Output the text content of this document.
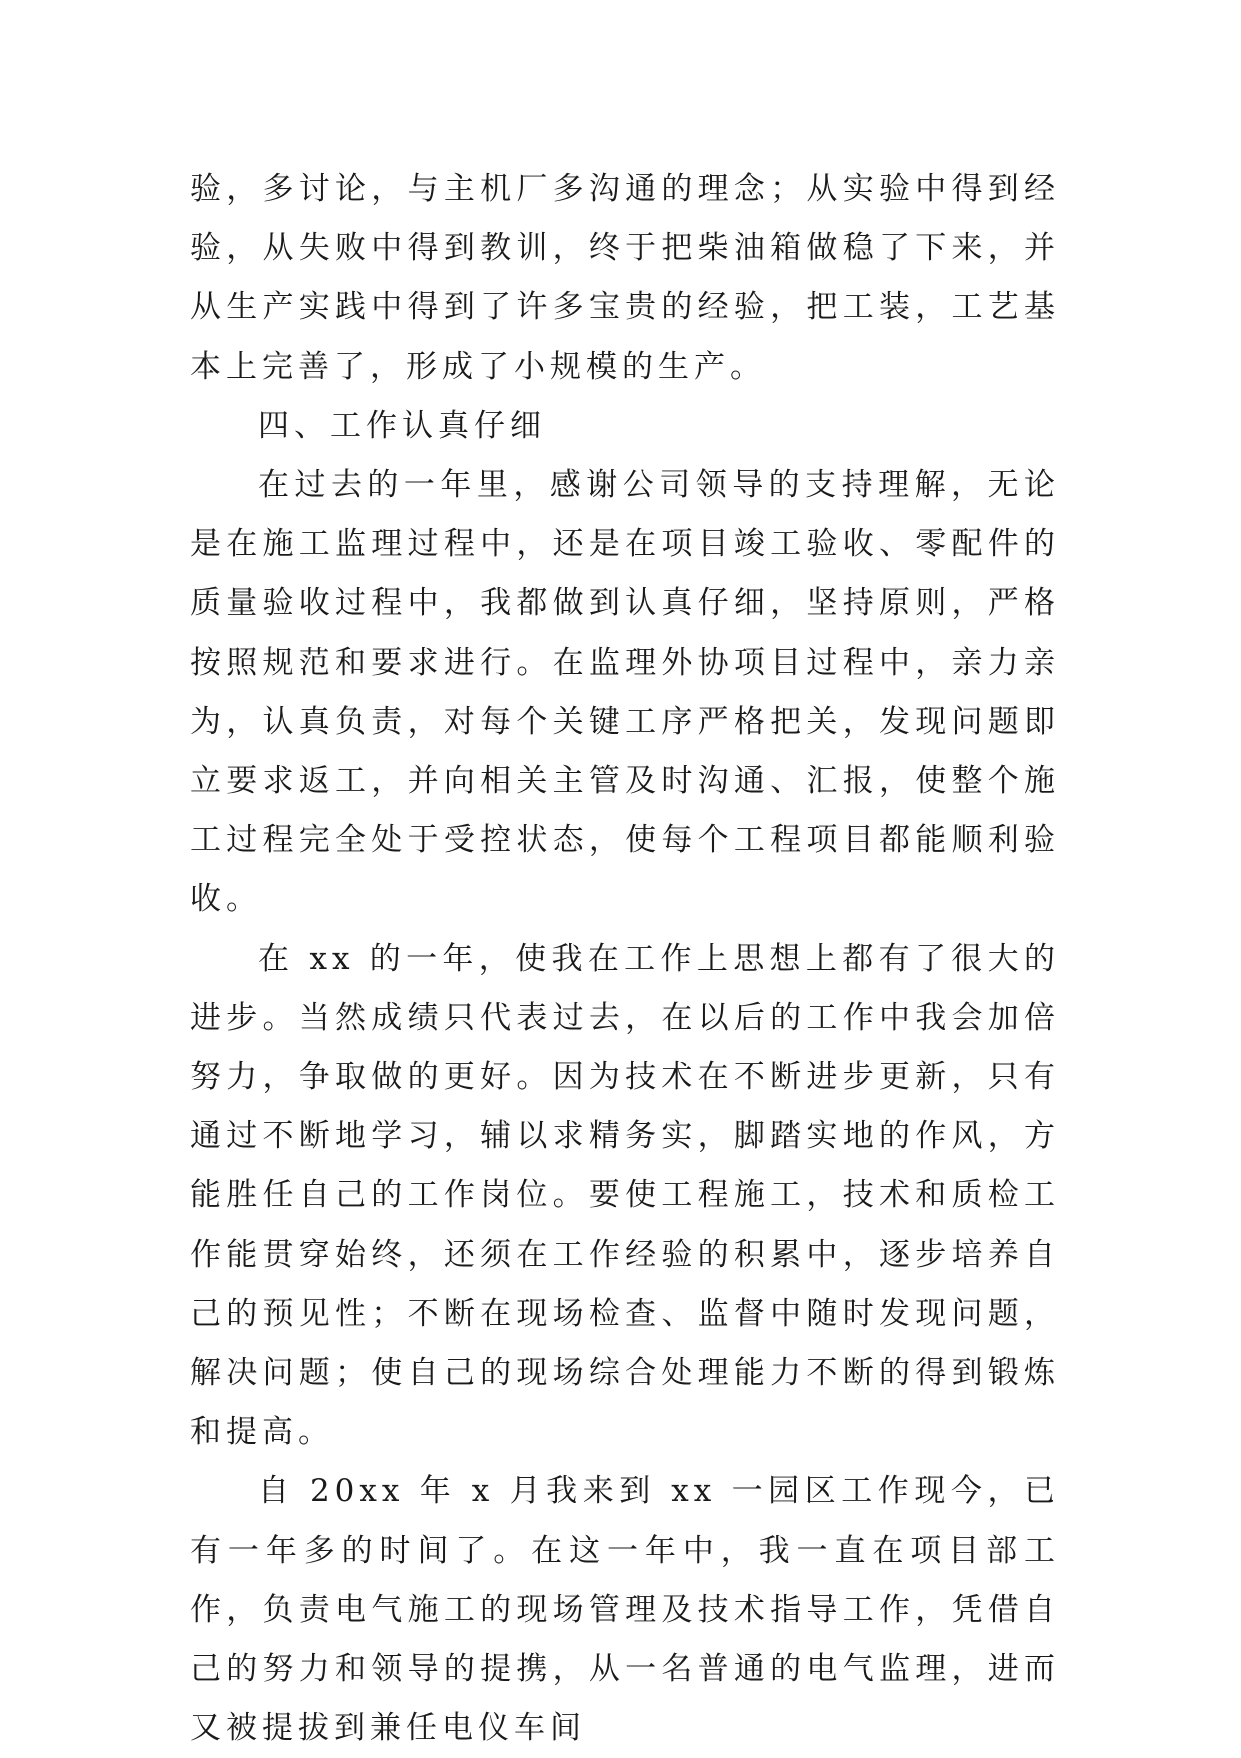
验，多讨论，与主机厂多沟通的理念；从实验中得到经验，从失败中得到教训，终于把柴油箱做稳了下来，并从生产实践中得到了许多宝贵的经验，把工装，工艺基本上完善了，形成了小规模的生产。

四、工作认真仔细

在过去的一年里，感谢公司领导的支持理解，无论是在施工监理过程中，还是在项目竣工验收、零配件的质量验收过程中，我都做到认真仔细，坚持原则，严格按照规范和要求进行。在监理外协项目过程中，亲力亲为，认真负责，对每个关键工序严格把关，发现问题即立要求返工，并向相关主管及时沟通、汇报，使整个施工过程完全处于受控状态，使每个工程项目都能顺利验收。

在 xx 的一年，使我在工作上思想上都有了很大的进步。当然成绩只代表过去，在以后的工作中我会加倍努力，争取做的更好。因为技术在不断进步更新，只有通过不断地学习，辅以求精务实，脚踏实地的作风，方能胜任自己的工作岗位。要使工程施工，技术和质检工作能贯穿始终，还须在工作经验的积累中，逐步培养自己的预见性；不断在现场检查、监督中随时发现问题，解决问题；使自己的现场综合处理能力不断的得到锻炼和提高。

自 20xx 年 x 月我来到 xx 一园区工作现今，已有一年多的时间了。在这一年中，我一直在项目部工作，负责电气施工的现场管理及技术指导工作，凭借自己的努力和领导的提携，从一名普通的电气监理，进而又被提拔到兼任电仪车间
